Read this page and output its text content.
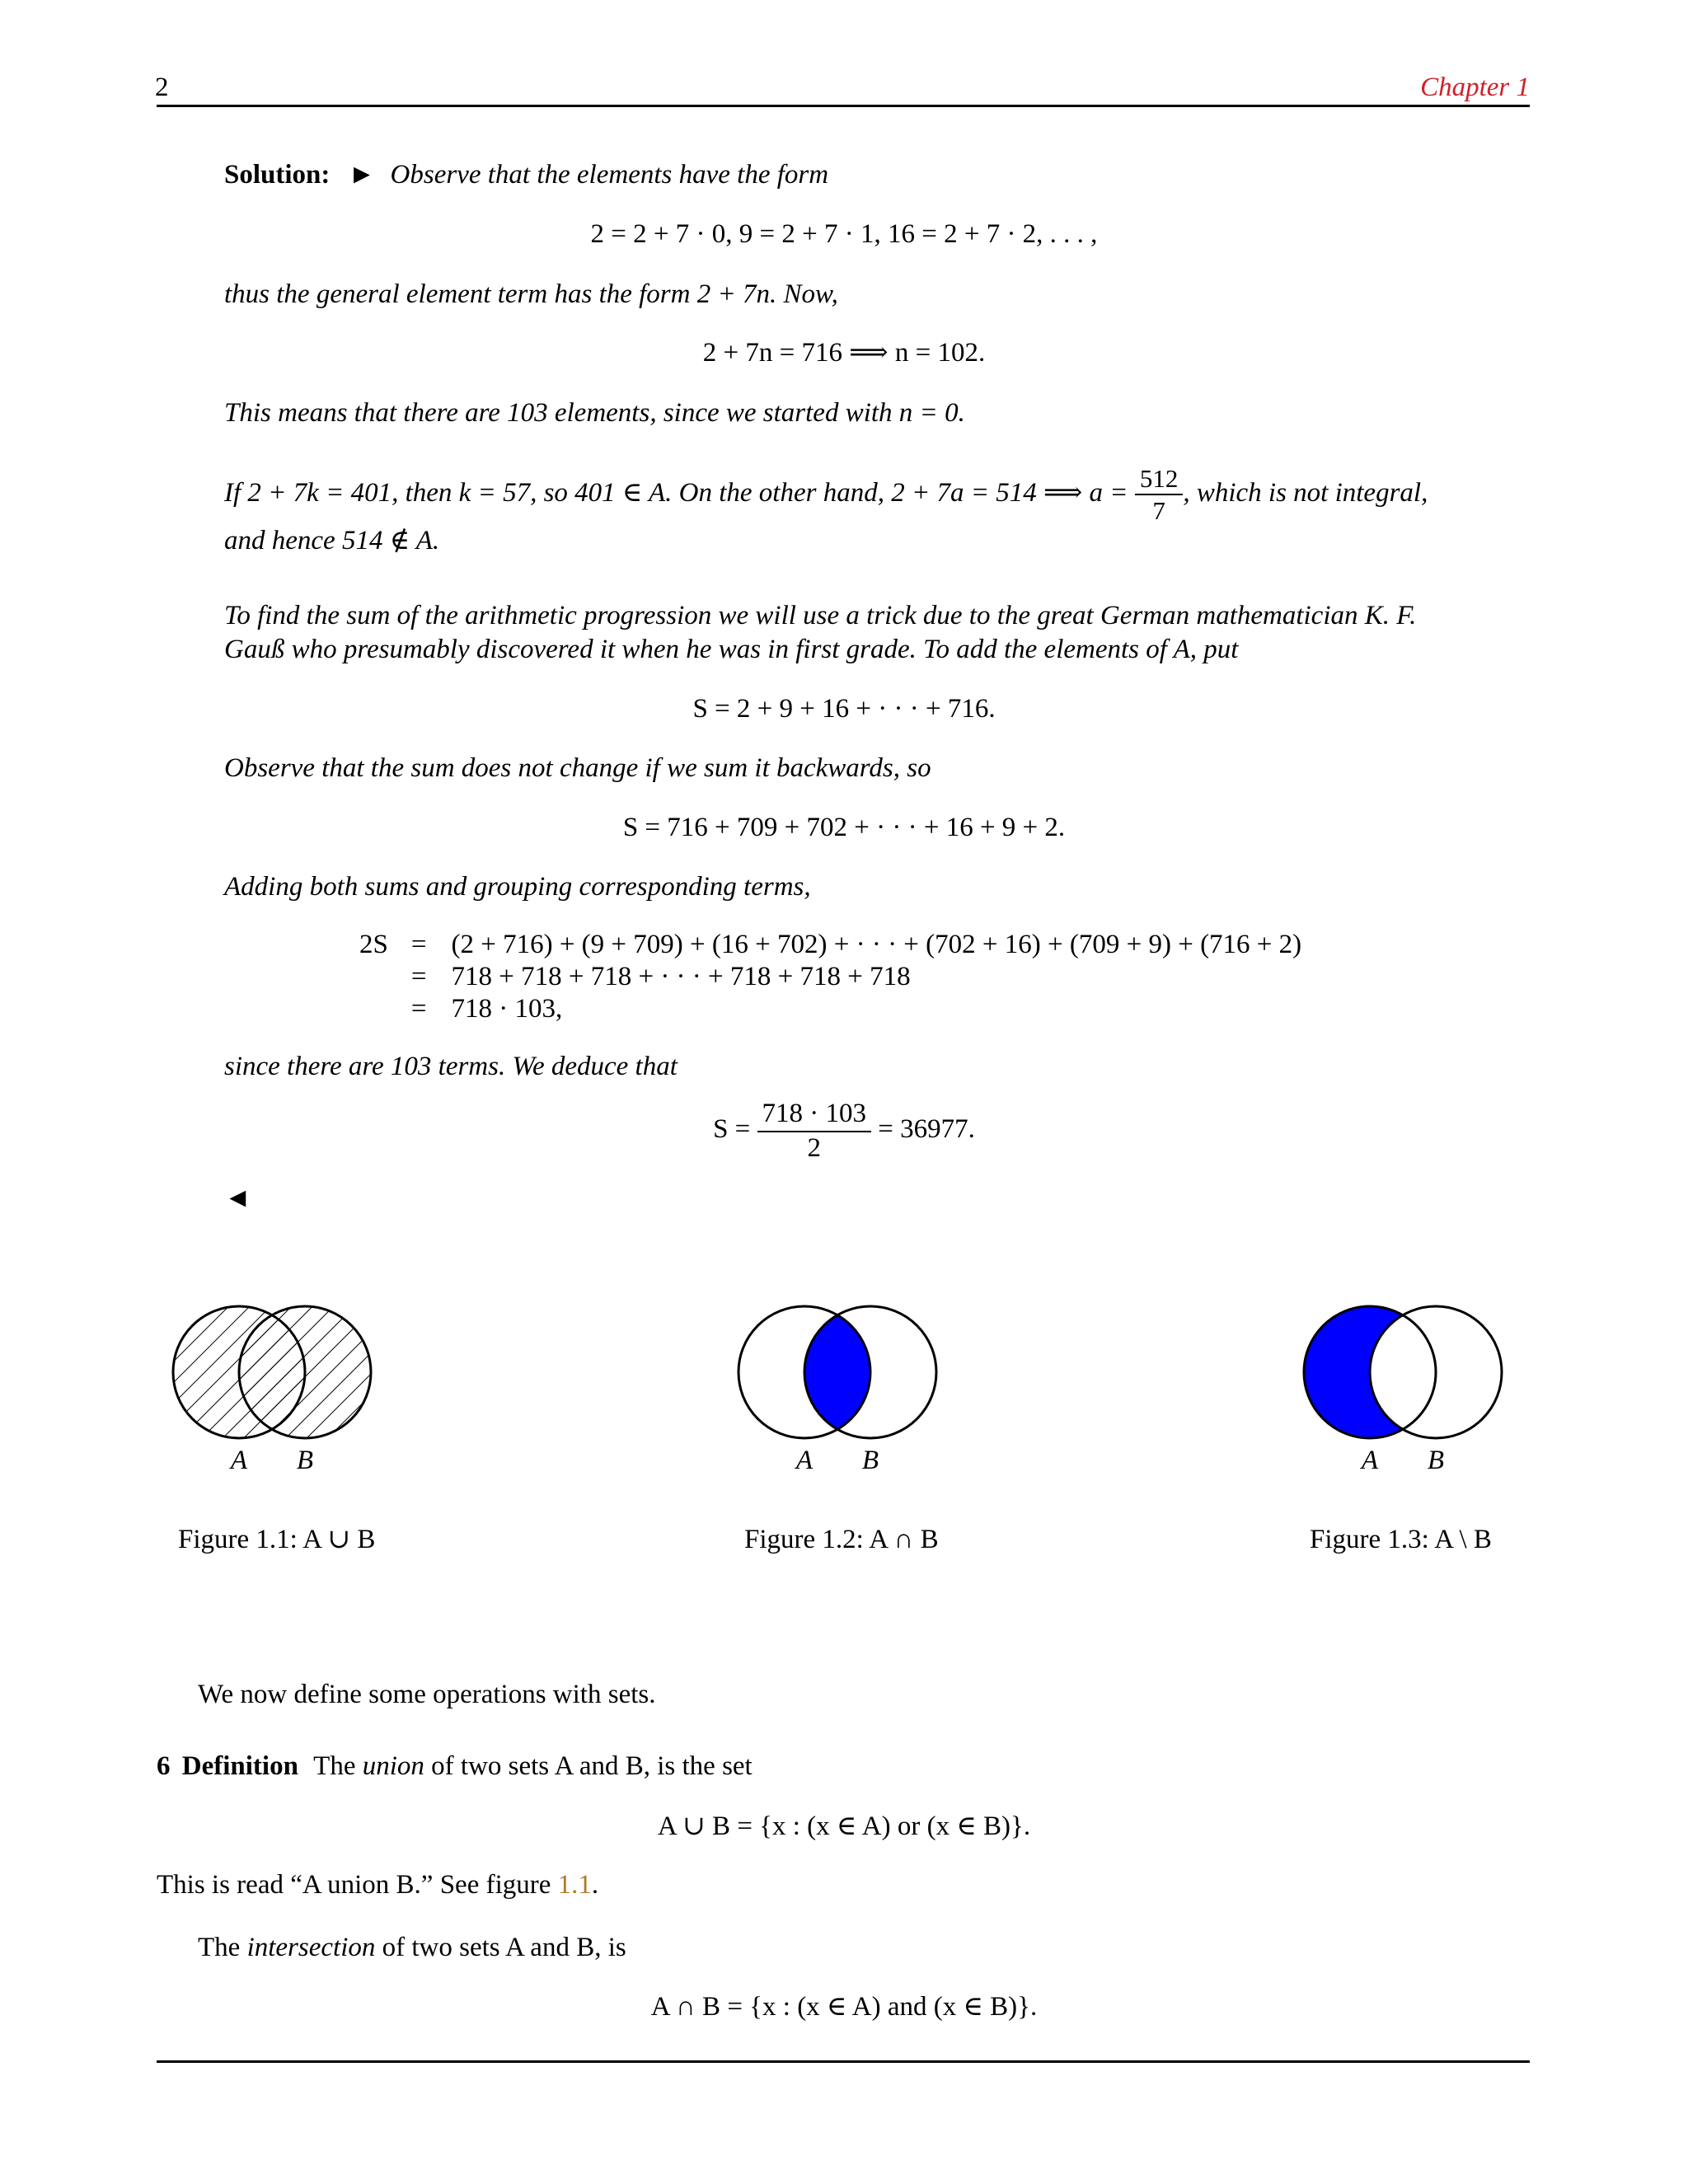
2	Chapter 1
Solution: ► Observe that the elements have the form
2 = 2 + 7 · 0, 9 = 2 + 7 · 1, 16 = 2 + 7 · 2, . . . ,
thus the general element term has the form 2 + 7n. Now,
2 + 7n = 716 ⟹ n = 102.
This means that there are 103 elements, since we started with n = 0.
If 2 + 7k = 401, then k = 57, so 401 ∈ A. On the other hand, 2 + 7a = 514 ⟹ $a = \frac{512}{7}$ , which is not integral,
and hence 514 ∉ A.
To find the sum of the arithmetic progression we will use a trick due to the great German mathematician K. F.
Gauß who presumably discovered it when he was in first grade. To add the elements of A, put
S = 2 + 9 + 16 + · · · + 716.
Observe that the sum does not change if we sum it backwards, so
S = 716 + 709 + 702 + · · · + 16 + 9 + 2.
Adding both sums and grouping corresponding terms,
2S	=	(2 + 716) + (9 + 709) + (16 + 702) + · · · + (702 + 16) + (709 + 9) + (716 + 2)
	=	718 + 718 + 718 + · · · + 718 + 718 + 718
	=	718 · 103,
since there are 103 terms. We deduce that
$S = \frac{718 \cdot 103}{2} = 36977$.
◄
A B
Figure 1.1: A ∪ B
A B
Figure 1.2: A ∩ B
A B
Figure 1.3: A \ B
We now define some operations with sets.
6 Definition The union of two sets A and B, is the set
A ∪ B = {x : (x ∈ A) or (x ∈ B)}.
This is read “A union B.” See figure 1.1.
The intersection of two sets A and B, is
A ∩ B = {x : (x ∈ A) and (x ∈ B)}.
